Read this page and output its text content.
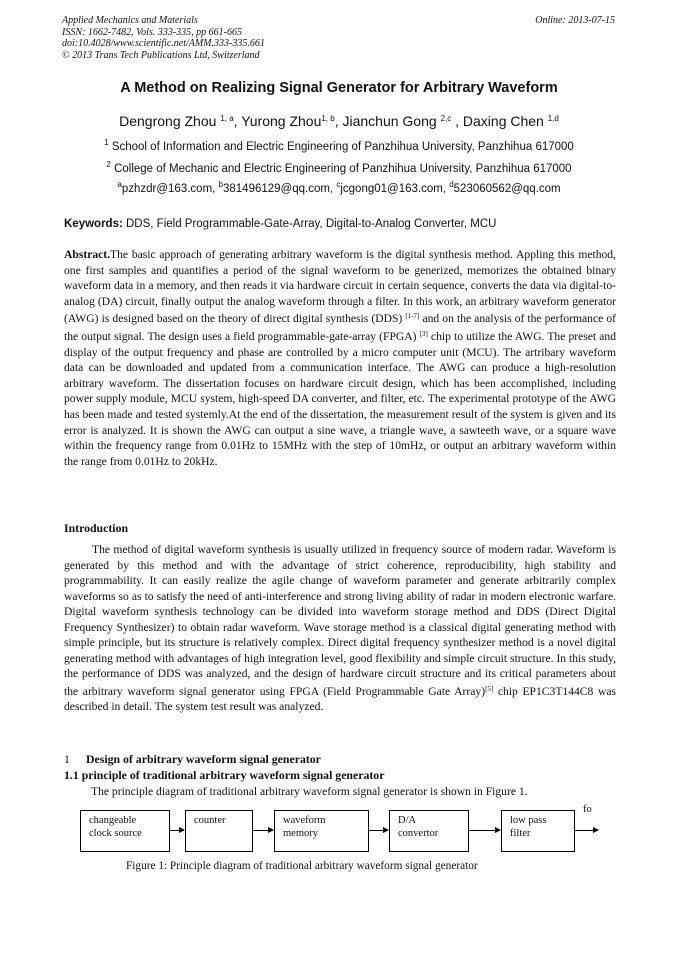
Applied Mechanics and Materials
ISSN: 1662-7482, Vols. 333-335, pp 661-665
doi:10.4028/www.scientific.net/AMM.333-335.661
© 2013 Trans Tech Publications Ltd, Switzerland
Online: 2013-07-15
A Method on Realizing Signal Generator for Arbitrary Waveform
Dengrong Zhou $^{1, a}$, Yurong Zhou$^{1, b}$, Jianchun Gong $^{2,c}$ , Daxing Chen $^{1,d}$
$^1$ School of Information and Electric Engineering of Panzhihua University, Panzhihua 617000
$^2$ College of Mechanic and Electric Engineering of Panzhihua University, Panzhihua 617000
$^a$pzhzdr@163.com, $^b$381496129@qq.com, $^c$jcgong01@163.com, $^d$523060562@qq.com
Keywords: DDS, Field Programmable-Gate-Array, Digital-to-Analog Converter, MCU
Abstract.The basic approach of generating arbitrary waveform is the digital synthesis method. Appling this method, one first samples and quantifies a period of the signal waveform to be generized, memorizes the obtained binary waveform data in a memory, and then reads it via hardware circuit in certain sequence, converts the data via digital-to-analog (DA) circuit, finally output the analog waveform through a filter. In this work, an arbitrary waveform generator (AWG) is designed based on the theory of direct digital synthesis (DDS) [1-7] and on the analysis of the performance of the output signal. The design uses a field programmable-gate-array (FPGA) [3] chip to utilize the AWG. The preset and display of the output frequency and phase are controlled by a micro computer unit (MCU). The artribary waveform data can be downloaded and updated from a communication interface. The AWG can produce a high-resolution arbitrary waveform. The dissertation focuses on hardware circuit design, which has been accomplished, including power supply module, MCU system, high-speed DA converter, and filter, etc. The experimental prototype of the AWG has been made and tested systemly.At the end of the dissertation, the measurement result of the system is given and its error is analyzed. It is shown the AWG can output a sine wave, a triangle wave, a sawteeth wave, or a square wave within the frequency range from 0.01Hz to 15MHz with the step of 10mHz, or output an arbitrary waveform within the range from 0.01Hz to 20kHz.
Introduction
The method of digital waveform synthesis is usually utilized in frequency source of modern radar. Waveform is generated by this method and with the advantage of strict coherence, reproducibility, high stability and programmability. It can easily realize the agile change of waveform parameter and generate arbitrarily complex waveforms so as to satisfy the need of anti-interference and strong living ability of radar in modern electronic warfare. Digital waveform synthesis technology can be divided into waveform storage method and DDS (Direct Digital Frequency Synthesizer) to obtain radar waveform. Wave storage method is a classical digital generating method with simple principle, but its structure is relatively complex. Direct digital frequency synthesizer method is a novel digital generating method with advantages of high integration level, good flexibility and simple circuit structure. In this study, the performance of DDS was analyzed, and the design of hardware circuit structure and its critical parameters about the arbitrary waveform signal generator using FPGA (Field Programmable Gate Array)[5] chip EP1C3T144C8 was described in detail. The system test result was analyzed.
1 Design of arbitrary waveform signal generator
1.1 principle of traditional arbitrary waveform signal generator
The principle diagram of traditional arbitrary waveform signal generator is shown in Figure 1.
changeable
clock source
counter	waveform
memory
D/A
convertor
low pass
filter
fo
Figure 1: Principle diagram of traditional arbitrary waveform signal generator
